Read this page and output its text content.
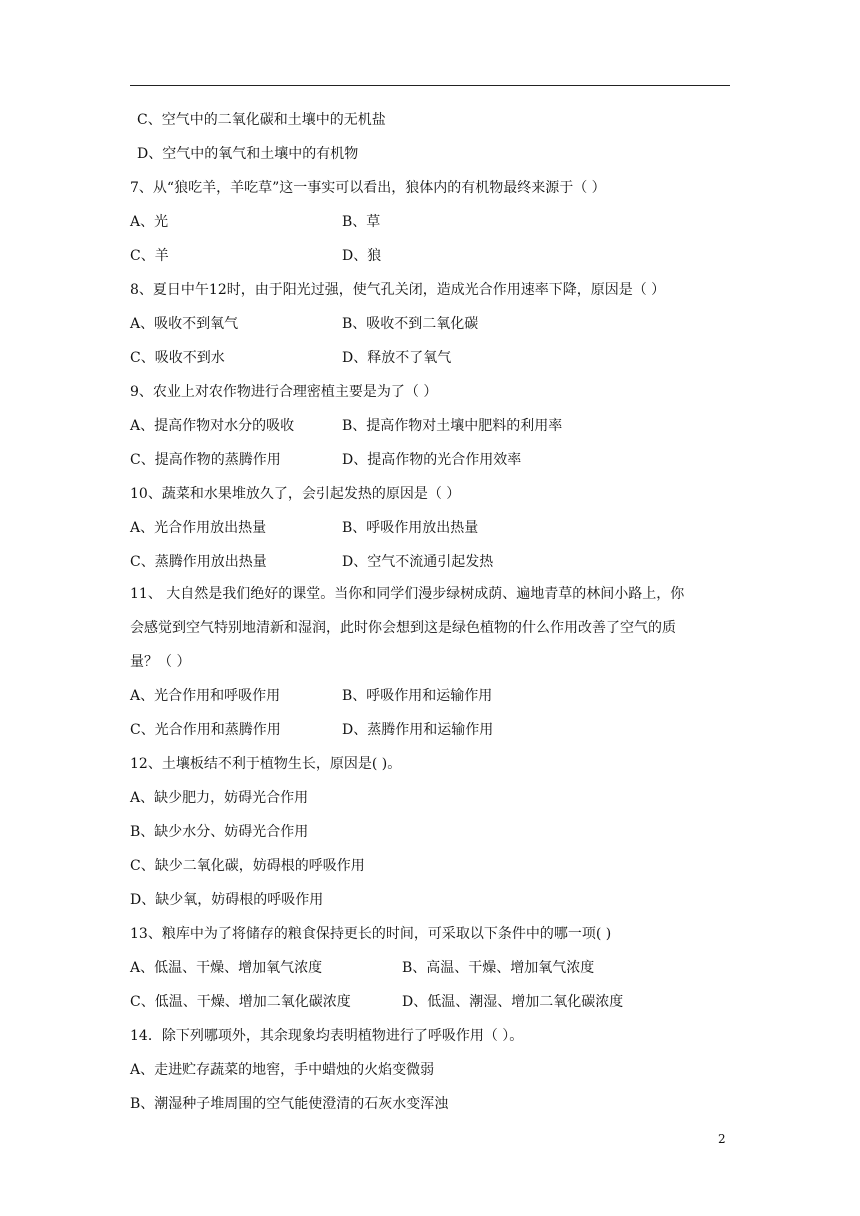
C、空气中的二氧化碳和土壤中的无机盐
D、空气中的氧气和土壤中的有机物
7、从“狼吃羊，羊吃草”这一事实可以看出，狼体内的有机物最终来源于（ ）
A、光	B、草
C、羊	D、狼
8、夏日中午12时，由于阳光过强，使气孔关闭，造成光合作用速率下降，原因是（ ）
A、吸收不到氧气	B、吸收不到二氧化碳
C、吸收不到水	D、释放不了氧气
9、农业上对农作物进行合理密植主要是为了（ ）
A、提高作物对水分的吸收	B、提高作物对土壤中肥料的利用率
C、提高作物的蒸腾作用	D、提高作物的光合作用效率
10、蔬菜和水果堆放久了，会引起发热的原因是（ ）
A、光合作用放出热量	B、呼吸作用放出热量
C、蒸腾作用放出热量	D、空气不流通引起发热
11、 大自然是我们绝好的课堂。当你和同学们漫步绿树成荫、遍地青草的林间小路上，你
会感觉到空气特别地清新和湿润，此时你会想到这是绿色植物的什么作用改善了空气的质
量？（ ）
A、光合作用和呼吸作用	B、呼吸作用和运输作用
C、光合作用和蒸腾作用	D、蒸腾作用和运输作用
12、土壤板结不利于植物生长，原因是( )。
A、缺少肥力，妨碍光合作用
B、缺少水分、妨碍光合作用
C、缺少二氧化碳，妨碍根的呼吸作用
D、缺少氧，妨碍根的呼吸作用
13、粮库中为了将储存的粮食保持更长的时间，可采取以下条件中的哪一项( )
A、低温、干燥、增加氧气浓度	B、高温、干燥、增加氧气浓度
C、低温、干燥、增加二氧化碳浓度	D、低温、潮湿、增加二氧化碳浓度
14．除下列哪项外，其余现象均表明植物进行了呼吸作用（ ）。
A、走进贮存蔬菜的地窖，手中蜡烛的火焰变微弱
B、潮湿种子堆周围的空气能使澄清的石灰水变浑浊
2
